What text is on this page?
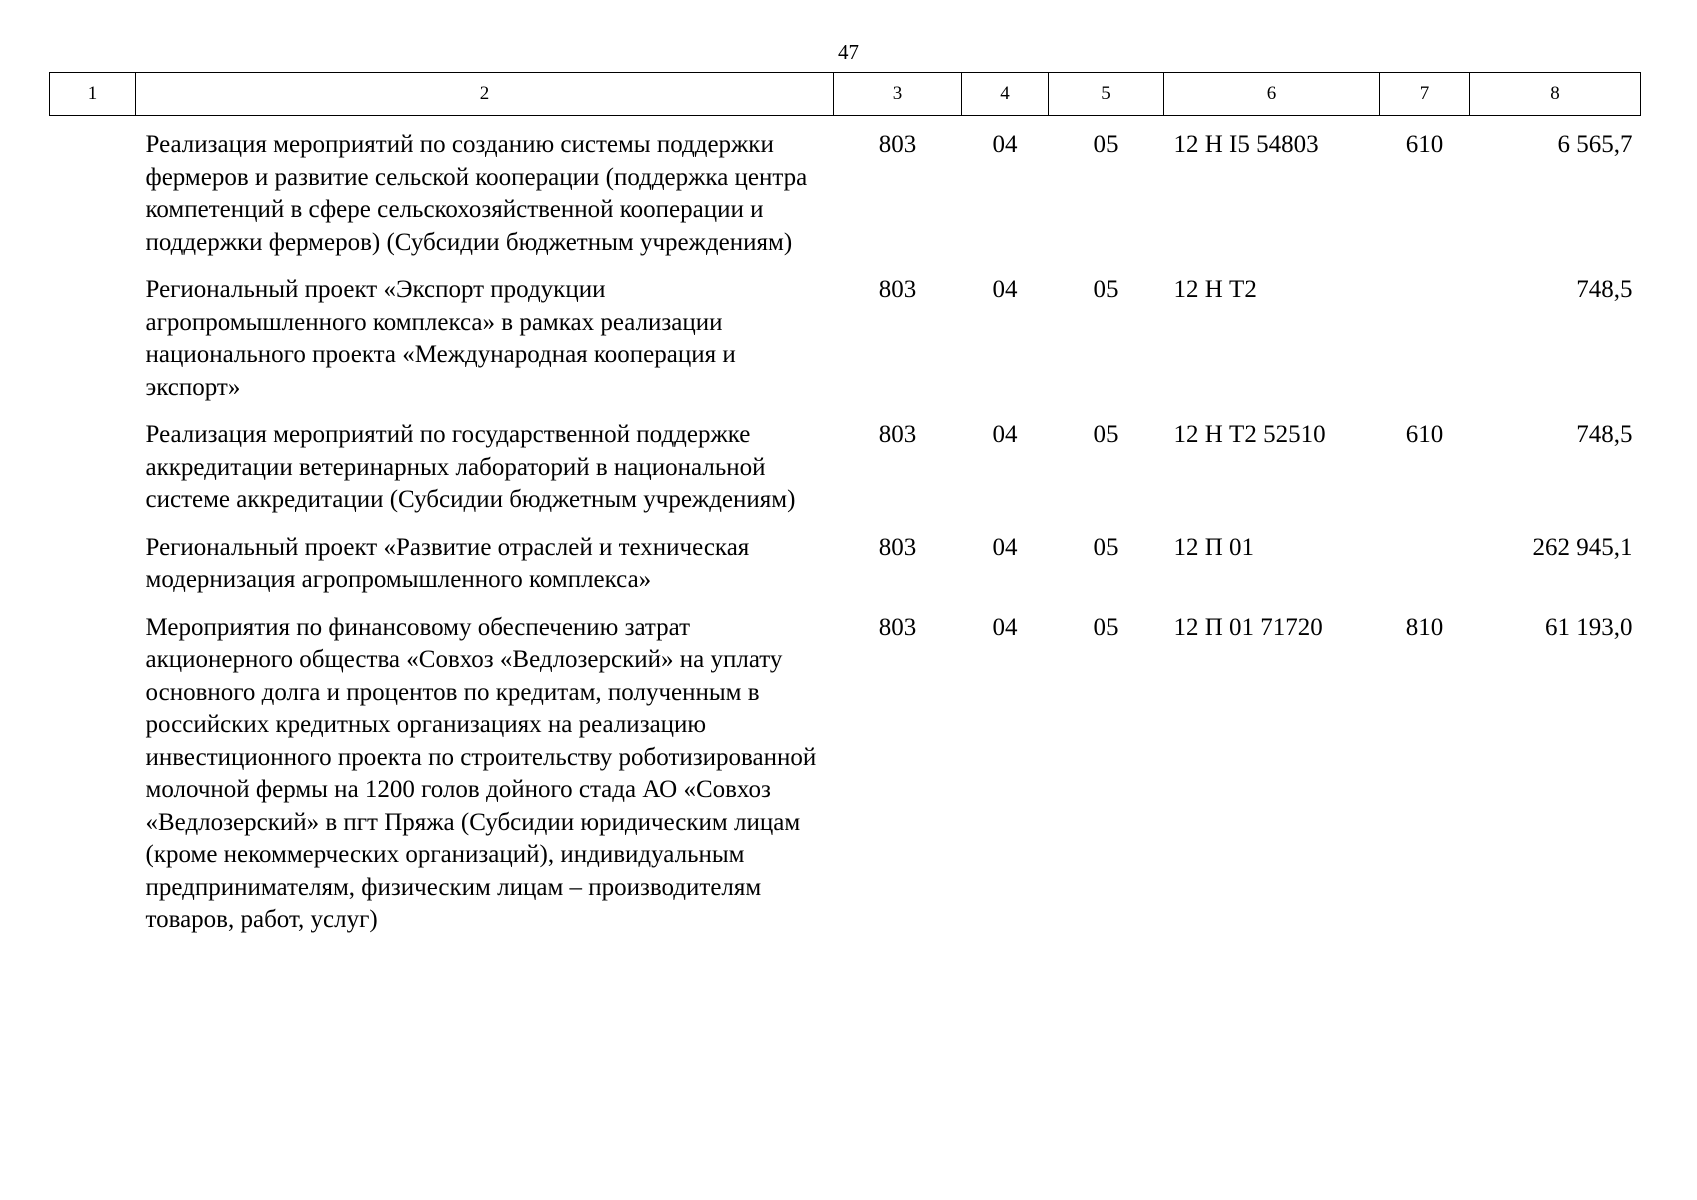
47
1	2	3	4	5	6	7	8
	Реализация мероприятий по созданию системы поддержки фермеров и развитие сельской кооперации (поддержка центра компетенций в сфере сельскохозяйственной кооперации и поддержки фермеров) (Субсидии бюджетным учреждениям)	803	04	05	12 Н I5 54803	610	6 565,7
	Региональный проект «Экспорт продукции агропромышленного комплекса» в рамках реализации национального проекта «Международная кооперация и экспорт»	803	04	05	12 Н Т2		748,5
	Реализация мероприятий по государственной поддержке аккредитации ветеринарных лабораторий в национальной системе аккредитации (Субсидии бюджетным учреждениям)	803	04	05	12 Н Т2 52510	610	748,5
	Региональный проект «Развитие отраслей и техническая модернизация агропромышленного комплекса»	803	04	05	12 П 01		262 945,1
	Мероприятия по финансовому обеспечению затрат акционерного общества «Совхоз «Ведлозерский» на уплату основного долга и процентов по кредитам, полученным в российских кредитных организациях на реализацию инвестиционного проекта по строительству роботизированной молочной фермы на 1200 голов дойного стада АО «Совхоз «Ведлозерский» в пгт Пряжа (Субсидии юридическим лицам (кроме некоммерческих организаций), индивидуальным предпринимателям, физическим лицам – производителям товаров, работ, услуг)	803	04	05	12 П 01 71720	810	61 193,0
